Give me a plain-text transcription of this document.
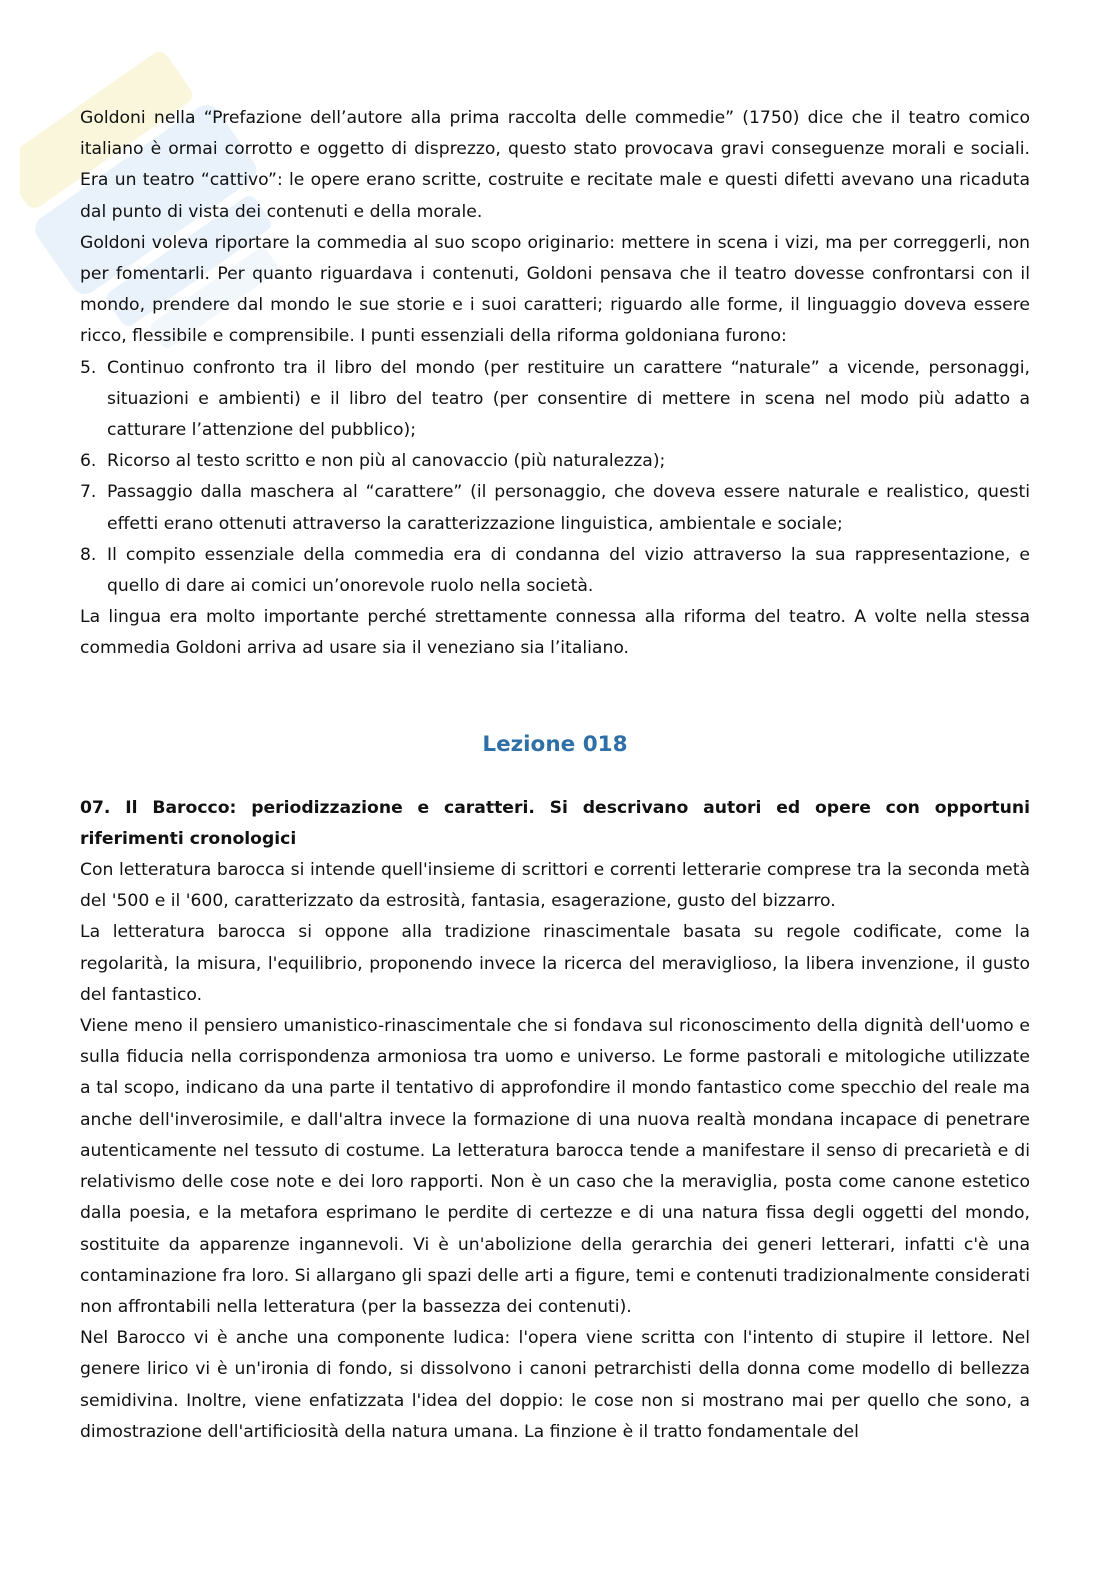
Goldoni nella “Prefazione dell’autore alla prima raccolta delle commedie” (1750) dice che il teatro comico italiano è ormai corrotto e oggetto di disprezzo, questo stato provocava gravi conseguenze morali e sociali. Era un teatro “cattivo”: le opere erano scritte, costruite e recitate male e questi difetti avevano una ricaduta dal punto di vista dei contenuti e della morale.

Goldoni voleva riportare la commedia al suo scopo originario: mettere in scena i vizi, ma per correggerli, non per fomentarli. Per quanto riguardava i contenuti, Goldoni pensava che il teatro dovesse confrontarsi con il mondo, prendere dal mondo le sue storie e i suoi caratteri; riguardo alle forme, il linguaggio doveva essere ricco, flessibile e comprensibile. I punti essenziali della riforma goldoniana furono:

5. Continuo confronto tra il libro del mondo (per restituire un carattere “naturale” a vicende, personaggi, situazioni e ambienti) e il libro del teatro (per consentire di mettere in scena nel modo più adatto a catturare l’attenzione del pubblico);
6. Ricorso al testo scritto e non più al canovaccio (più naturalezza);
7. Passaggio dalla maschera al “carattere” (il personaggio, che doveva essere naturale e realistico, questi effetti erano ottenuti attraverso la caratterizzazione linguistica, ambientale e sociale;
8. Il compito essenziale della commedia era di condanna del vizio attraverso la sua rappresentazione, e quello di dare ai comici un’onorevole ruolo nella società.

La lingua era molto importante perché strettamente connessa alla riforma del teatro. A volte nella stessa commedia Goldoni arriva ad usare sia il veneziano sia l’italiano.

Lezione 018

07. Il Barocco: periodizzazione e caratteri. Si descrivano autori ed opere con opportuni riferimenti cronologici

Con letteratura barocca si intende quell'insieme di scrittori e correnti letterarie comprese tra la seconda metà del '500 e il '600, caratterizzato da estrosità, fantasia, esagerazione, gusto del bizzarro.

La letteratura barocca si oppone alla tradizione rinascimentale basata su regole codificate, come la regolarità, la misura, l'equilibrio, proponendo invece la ricerca del meraviglioso, la libera invenzione, il gusto del fantastico.

Viene meno il pensiero umanistico-rinascimentale che si fondava sul riconoscimento della dignità dell'uomo e sulla fiducia nella corrispondenza armoniosa tra uomo e universo. Le forme pastorali e mitologiche utilizzate a tal scopo, indicano da una parte il tentativo di approfondire il mondo fantastico come specchio del reale ma anche dell'inverosimile, e dall'altra invece la formazione di una nuova realtà mondana incapace di penetrare autenticamente nel tessuto di costume. La letteratura barocca tende a manifestare il senso di precarietà e di relativismo delle cose note e dei loro rapporti. Non è un caso che la meraviglia, posta come canone estetico dalla poesia, e la metafora esprimano le perdite di certezze e di una natura fissa degli oggetti del mondo, sostituite da apparenze ingannevoli. Vi è un'abolizione della gerarchia dei generi letterari, infatti c'è una contaminazione fra loro. Si allargano gli spazi delle arti a figure, temi e contenuti tradizionalmente considerati non affrontabili nella letteratura (per la bassezza dei contenuti).

Nel Barocco vi è anche una componente ludica: l'opera viene scritta con l'intento di stupire il lettore. Nel genere lirico vi è un'ironia di fondo, si dissolvono i canoni petrarchisti della donna come modello di bellezza semidivina. Inoltre, viene enfatizzata l'idea del doppio: le cose non si mostrano mai per quello che sono, a dimostrazione dell'artificiosità della natura umana. La finzione è il tratto fondamentale del
